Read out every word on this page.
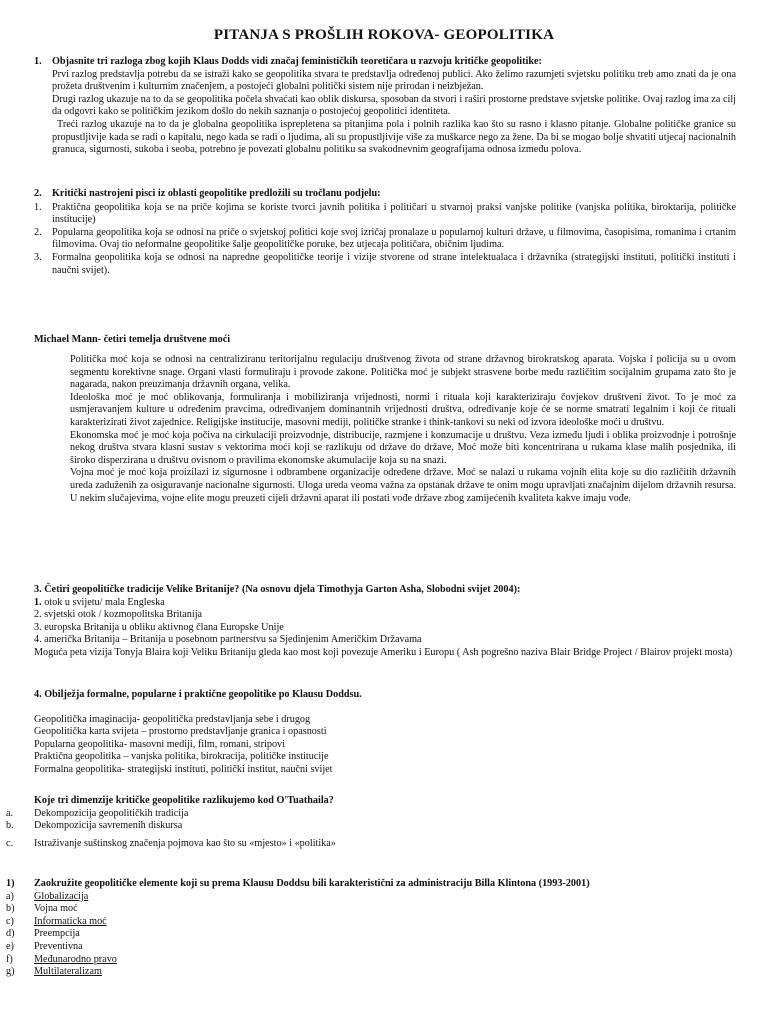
PITANJA S PROŠLIH ROKOVA- GEOPOLITIKA
1. Objasnite tri razloga zbog kojih Klaus Dodds vidi značaj feminističkih teoretičara u razvoju kritičke geopolitike:
Prvi razlog predstavlja potrebu da se istraži kako se geopolitika stvara te predstavlja određenoj publici. Ako želimo razumjeti svjetsku politiku treb amo znati da je ona prožeta društvenim i kulturnim značenjem, a postojeći globalni politički sistem nije prirodan i neizbježan.
Drugi razlog ukazuje na to da se geopolitika počela shvaćati kao oblik diskursa, sposoban da stvori i raširi prostorne predstave svjetske politike. Ovaj razlog ima za cilj da odgovri kako se političkim jezikom došlo do nekih saznanja o postojećoj geopolitici identiteta.
Treći razlog ukazuje na to da je globalna geopolitika isprepletena sa pitanjima pola i polnih razlika kao što su rasno i klasno pitanje. Globalne političke granice su propustljivije kada se radi o kapitalu, nego kada se radi o ljudima, ali su propustljivije više za muškarce nego za žene. Da bi se mogao bolje shvatiti utjecaj nacionalnih granuca, sigurnosti, sukoba i seoba, potrebno je povezati globalnu politiku sa svakodnevnim geografijama odnosa između polova.
2. Kritički nastrojeni pisci iz oblasti geopolitike predložili su tročlanu podjelu:
1. Praktična geopolitika koja se na priče kojima se koriste tvorci javnih politika i političari u stvarnoj praksi vanjske politike (vanjska politika, biroktarija, političke institucije)
2. Popularna geopolitika koja se odnosi na priče o svjetskoj politici koje svoj izričaj pronalaze u popularnoj kulturi države, u filmovima, časopisima, romanima i crtanim filmovima. Ovaj tio neformalne geopolitike šalje geopolitičke poruke, bez utjecaja političara, običnim ljudima.
3. Formalna geopolitika koja se odnosi na napredne geopolitičke teorije i vizije stvorene od strane intelektualaca i državnika (strategijski instituti, politički instituti i naučni svijet).
Michael Mann- četiri temelja društvene moći
Politička moć koja se odnosi na centraliziranu teritorijalnu regulaciju društvenog života od strane državnog birokratskog aparata. Vojska i policija su u ovom segmentu korektivne snage. Organi vlasti formuliraju i provode zakone. Politička moć je subjekt strasvene borbe među različitim socijalnim grupama zato što je nagarada, nakon preuzimanja državnih organa, velika.
Ideološka moć je moć oblikovanja, formuliranja i mobiliziranja vrijednosti, normi i rituala koji karakteriziraju čovjekov društveni život. To je moć za usmjeravanjem kulture u određenim pravcima, određivanjem dominantnih vrijednosti društva, određivanje koje će se norme smatrati legalnim i koji će rituali karakterizirati život zajednice. Religijske institucije, masovni mediji, političke stranke i think-tankovi su neki od izvora ideološke moći u društvu.
Ekonomska moć je moć koja počiva na cirkulaciji proizvodnje, distribucije, razmjene i konzumacije u društvu. Veza između ljudi i oblika proizvodnje i potrošnje nekog društva stvara klasni sustav s vektorima moći koji se razlikuju od države do države. Moć može biti koncentrirana u rukama klase malih posjednika, ili široko disperzirana u društvu ovisnom o pravilima ekonomske akumulacije koja su na snazi.
Vojna moć je moć koja proizilazi iz sigurnosne i odbrambene organizacije određene države. Moć se nalazi u rukama vojnih elita koje su dio različitih državnih ureda zaduženih za osiguravanje nacionalne sigurnosti. Uloga ureda veoma važna za opstanak države te onim mogu upravljati značajnim dijelom državnih resursa. U nekim slučajevima, vojne elite mogu preuzeti cijeli državni aparat ili postati vođe države zbog zamijećenih kvaliteta kakve imaju vođe.
3. Četiri geopolitičke tradicije Velike Britanije? (Na osnovu djela Timothyja Garton Asha, Slobodni svijet 2004):
1. otok u svijetu/ mala Engleska
2. svjetski otok / kozmopolitska Britanija
3. europska Britanija u obliku aktivnog člana Europske Unije
4. američka Britanija – Britanija u posebnom partnerstvu sa Sjedinjenim Američkim Državama
Moguća peta vizija Tonyja Blaira koji Veliku Britaniju gleda kao most koji povezuje Ameriku i Europu ( Ash pogrešno naziva Blair Bridge Project / Blairov projekt mosta)
4. Obilježja formalne, popularne i praktične geopolitike po Klausu Doddsu.
Geopolitička imaginacija- geopolitička predstavljanja sebe i drugog
Geopolitička karta svijeta – prostorno predstavljanje granica i opasnosti
Popularna geopolitika- masovni mediji, film, romani, stripovi
Praktična geopolitika – vanjska politika, birokracija, političke institucije
Formalna geopolitika- strategijski instituti, politički institut, naučni svijet
Koje tri dimenzije kritičke geopolitike razlikujemo kod O'Tuathaila?
a. Dekompozicija geopolitičkih tradicija
b. Dekompozicija savremenih diskursa
c. Istraživanje suštinskog značenja pojmova kao što su «mjesto» i «politika»
1) Zaokružite geopolitičke elemente koji su prema Klausu Doddsu bili karakteristični za administraciju Billa Klintona (1993-2001)
a) Globalizacija
b) Vojna moć
c) Informaticka moć
d) Preempcija
e) Preventivna
f) Međunarodno pravo
g) Multilateralizam
